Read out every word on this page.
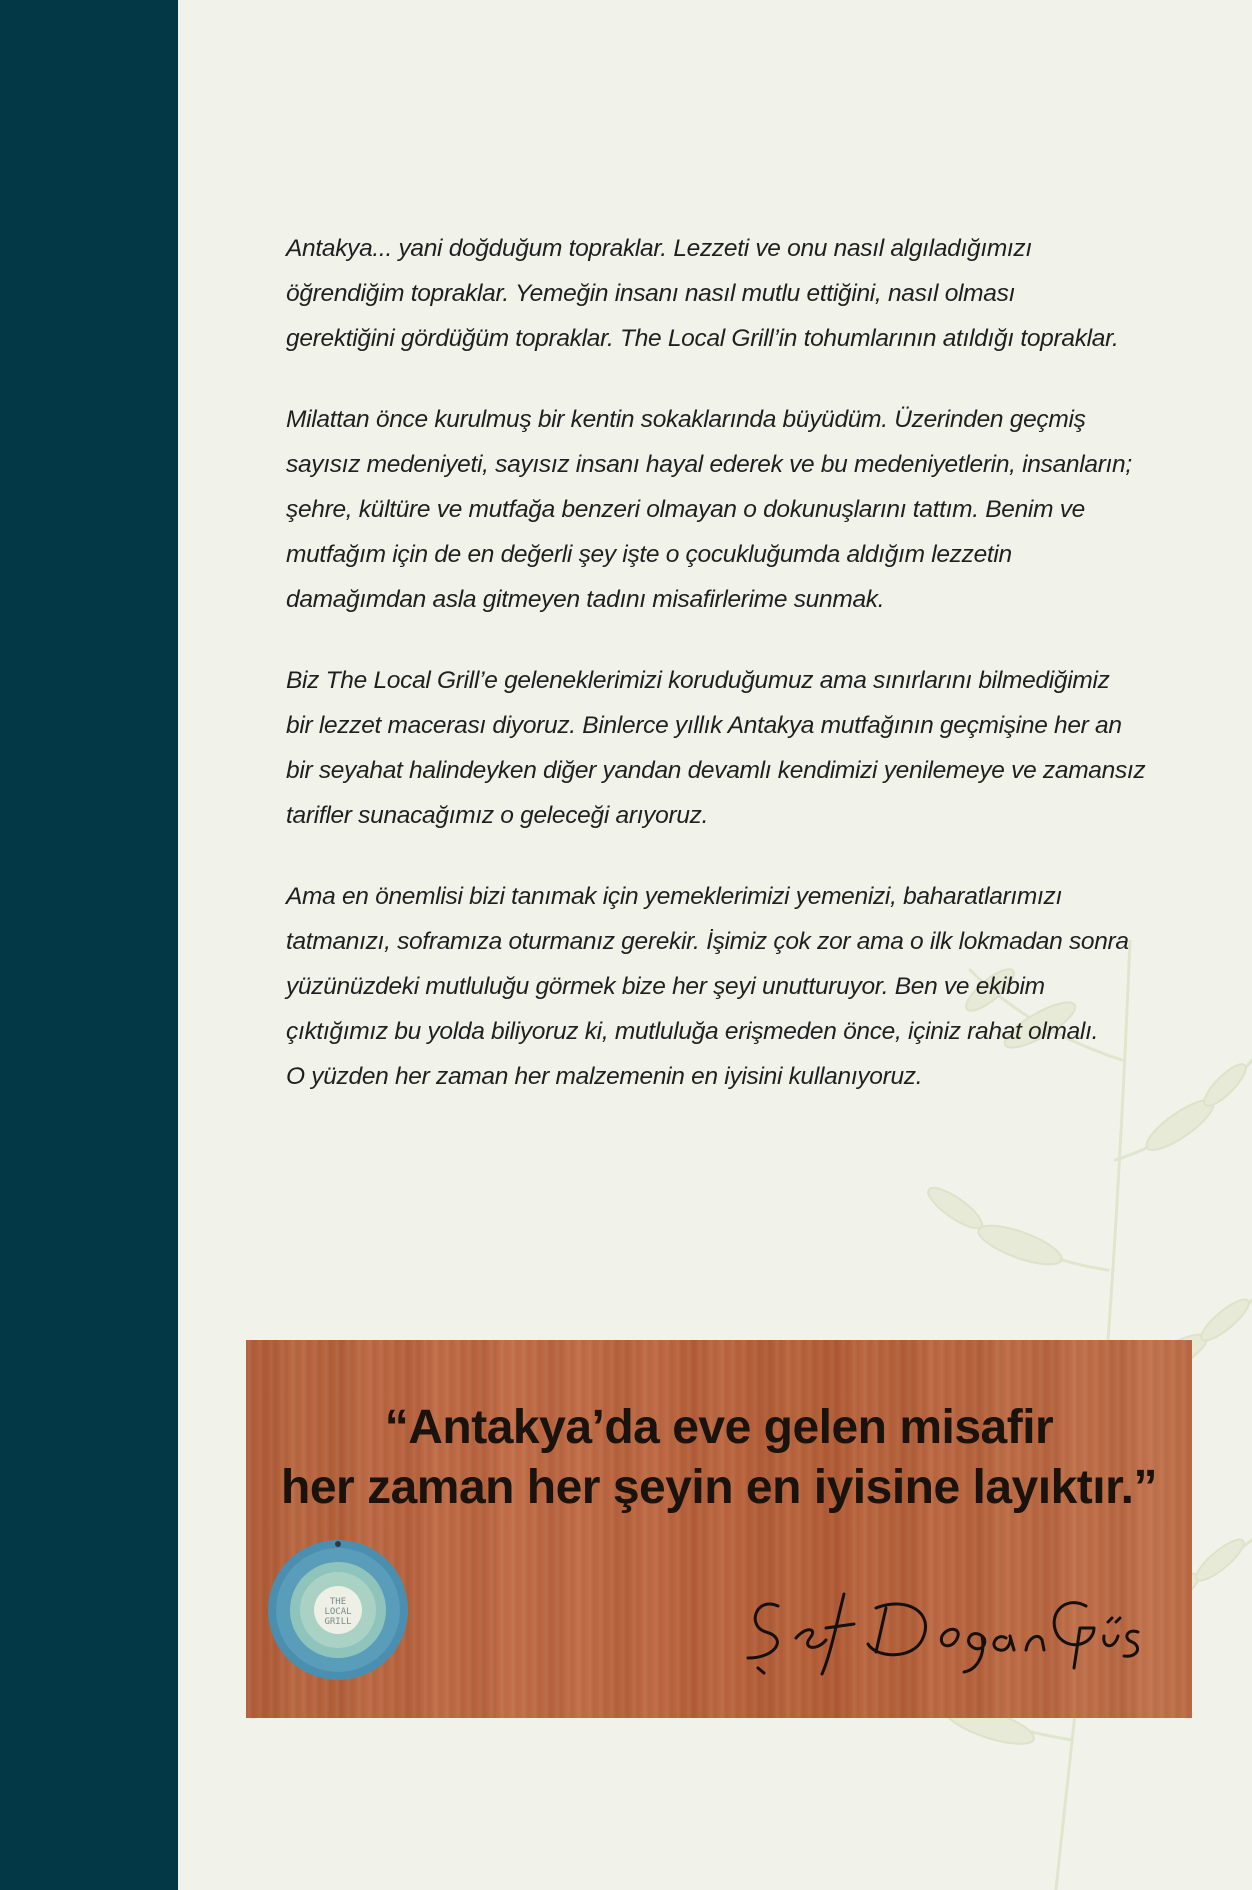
Antakya... yani doğduğum topraklar. Lezzeti ve onu nasıl algıladığımızı
öğrendiğim topraklar. Yemeğin insanı nasıl mutlu ettiğini, nasıl olması
gerektiğini gördüğüm topraklar. The Local Grill’in tohumlarının atıldığı topraklar.

Milattan önce kurulmuş bir kentin sokaklarında büyüdüm. Üzerinden geçmiş
sayısız medeniyeti, sayısız insanı hayal ederek ve bu medeniyetlerin, insanların;
şehre, kültüre ve mutfağa benzeri olmayan o dokunuşlarını tattım. Benim ve
mutfağım için de en değerli şey işte o çocukluğumda aldığım lezzetin
damağımdan asla gitmeyen tadını misafirlerime sunmak.

Biz The Local Grill’e geleneklerimizi koruduğumuz ama sınırlarını bilmediğimiz
bir lezzet macerası diyoruz. Binlerce yıllık Antakya mutfağının geçmişine her an
bir seyahat halindeyken diğer yandan devamlı kendimizi yenilemeye ve zamansız
tarifler sunacağımız o geleceği arıyoruz.

Ama en önemlisi bizi tanımak için yemeklerimizi yemenizi, baharatlarımızı
tatmanızı, soframıza oturmanız gerekir. İşimiz çok zor ama o ilk lokmadan sonra
yüzünüzdeki mutluluğu görmek bize her şeyi unutturuyor. Ben ve ekibim
çıktığımız bu yolda biliyoruz ki, mutluluğa erişmeden önce, içiniz rahat olmalı.
O yüzden her zaman her malzemenin en iyisini kullanıyoruz.

“Antakya’da eve gelen misafir
her zaman her şeyin en iyisine layıktır.”
THE
LOCAL
GRILL
